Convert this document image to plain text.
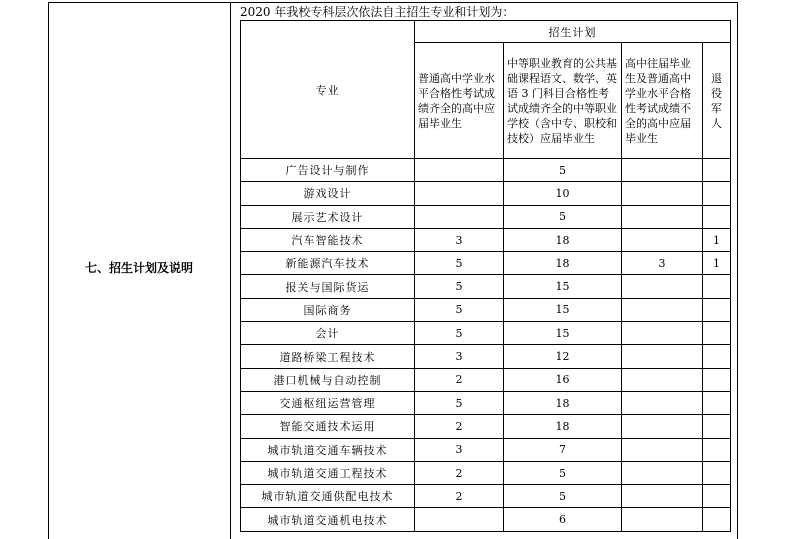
七、招生计划及说明
2020 年我校专科层次依法自主招生专业和计划为：
专业	招生计划			
	普通高中学业水平合格性考试成绩齐全的高中应届毕业生	中等职业教育的公共基础课程语文、数学、英语 3 门科目合格性考试成绩齐全的中等职业学校（含中专、职校和技校）应届毕业生	高中往届毕业生及普通高中学业水平合格性考试成绩不全的高中应届毕业生	退役军人
广告设计与制作		5		
游戏设计		10		
展示艺术设计		5		
汽车智能技术	3	18		1
新能源汽车技术	5	18	3	1
报关与国际货运	5	15		
国际商务	5	15		
会计	5	15		
道路桥梁工程技术	3	12		
港口机械与自动控制	2	16		
交通枢纽运营管理	5	18		
智能交通技术运用	2	18		
城市轨道交通车辆技术	3	7		
城市轨道交通工程技术	2	5		
城市轨道交通供配电技术	2	5		
城市轨道交通机电技术		6		
